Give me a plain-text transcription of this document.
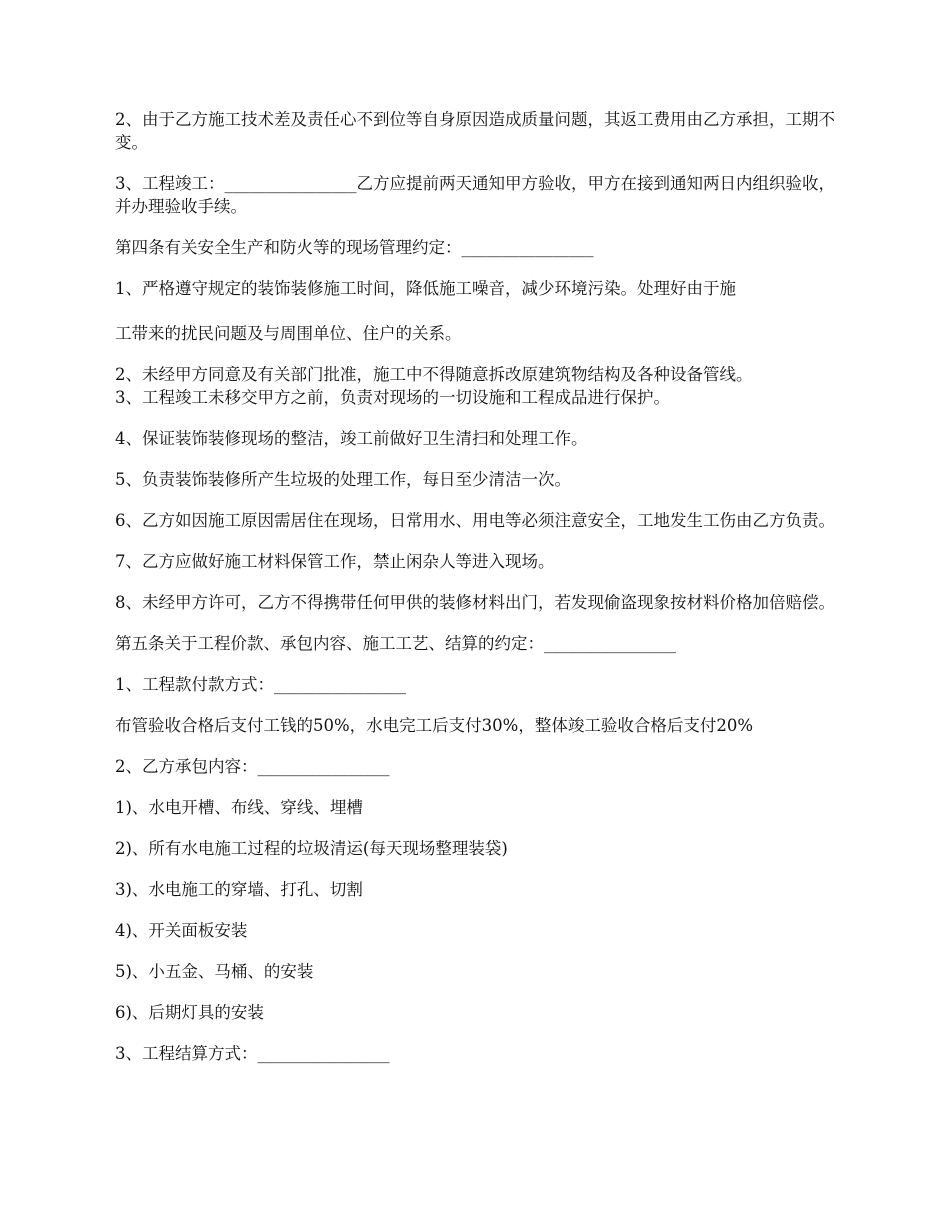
2、由于乙方施工技术差及责任心不到位等自身原因造成质量问题，其返工费用由乙方承担，工期不变。

3、工程竣工：________________乙方应提前两天通知甲方验收，甲方在接到通知两日内组织验收，并办理验收手续。

第四条有关安全生产和防火等的现场管理约定：________________

1、严格遵守规定的装饰装修施工时间，降低施工噪音，减少环境污染。处理好由于施

工带来的扰民问题及与周围单位、住户的关系。

2、未经甲方同意及有关部门批准，施工中不得随意拆改原建筑物结构及各种设备管线。

3、工程竣工未移交甲方之前，负责对现场的一切设施和工程成品进行保护。

4、保证装饰装修现场的整洁，竣工前做好卫生清扫和处理工作。

5、负责装饰装修所产生垃圾的处理工作，每日至少清洁一次。

6、乙方如因施工原因需居住在现场，日常用水、用电等必须注意安全，工地发生工伤由乙方负责。

7、乙方应做好施工材料保管工作，禁止闲杂人等进入现场。

8、未经甲方许可，乙方不得携带任何甲供的装修材料出门，若发现偷盗现象按材料价格加倍赔偿。

第五条关于工程价款、承包内容、施工工艺、结算的约定：________________

1、工程款付款方式：________________

布管验收合格后支付工钱的50%，水电完工后支付30%，整体竣工验收合格后支付20%

2、乙方承包内容：________________

1)、水电开槽、布线、穿线、埋槽

2)、所有水电施工过程的垃圾清运(每天现场整理装袋)

3)、水电施工的穿墙、打孔、切割

4)、开关面板安装

5)、小五金、马桶、的安装

6)、后期灯具的安装

3、工程结算方式：________________
